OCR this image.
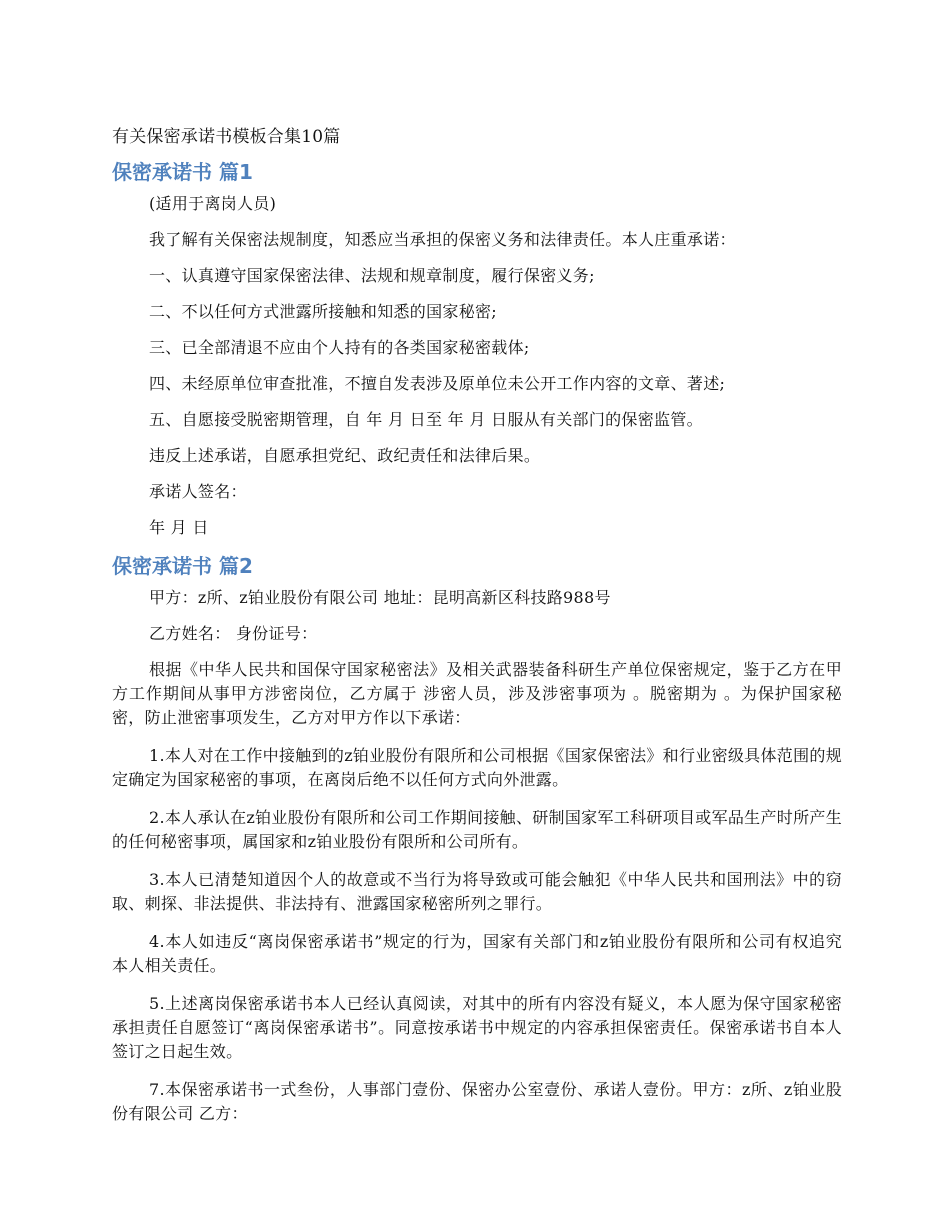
有关保密承诺书模板合集10篇
保密承诺书 篇1
(适用于离岗人员)
我了解有关保密法规制度，知悉应当承担的保密义务和法律责任。本人庄重承诺：
一、认真遵守国家保密法律、法规和规章制度，履行保密义务;
二、不以任何方式泄露所接触和知悉的国家秘密;
三、已全部清退不应由个人持有的各类国家秘密载体;
四、未经原单位审查批准，不擅自发表涉及原单位未公开工作内容的文章、著述;
五、自愿接受脱密期管理，自 年 月 日至 年 月 日服从有关部门的保密监管。
违反上述承诺，自愿承担党纪、政纪责任和法律后果。
承诺人签名：
年 月 日
保密承诺书 篇2
甲方：z所、z铂业股份有限公司 地址：昆明高新区科技路988号
乙方姓名： 身份证号：
根据《中华人民共和国保守国家秘密法》及相关武器装备科研生产单位保密规定，鉴于乙方在甲方工作期间从事甲方涉密岗位，乙方属于 涉密人员，涉及涉密事项为 。脱密期为 。为保护国家秘密，防止泄密事项发生，乙方对甲方作以下承诺：
1.本人对在工作中接触到的z铂业股份有限所和公司根据《国家保密法》和行业密级具体范围的规定确定为国家秘密的事项，在离岗后绝不以任何方式向外泄露。
2.本人承认在z铂业股份有限所和公司工作期间接触、研制国家军工科研项目或军品生产时所产生的任何秘密事项，属国家和z铂业股份有限所和公司所有。
3.本人已清楚知道因个人的故意或不当行为将导致或可能会触犯《中华人民共和国刑法》中的窃取、刺探、非法提供、非法持有、泄露国家秘密所列之罪行。
4.本人如违反“离岗保密承诺书”规定的行为，国家有关部门和z铂业股份有限所和公司有权追究本人相关责任。
5.上述离岗保密承诺书本人已经认真阅读，对其中的所有内容没有疑义，本人愿为保守国家秘密承担责任自愿签订“离岗保密承诺书”。同意按承诺书中规定的内容承担保密责任。保密承诺书自本人签订之日起生效。
7.本保密承诺书一式叁份，人事部门壹份、保密办公室壹份、承诺人壹份。甲方：z所、z铂业股份有限公司 乙方：
